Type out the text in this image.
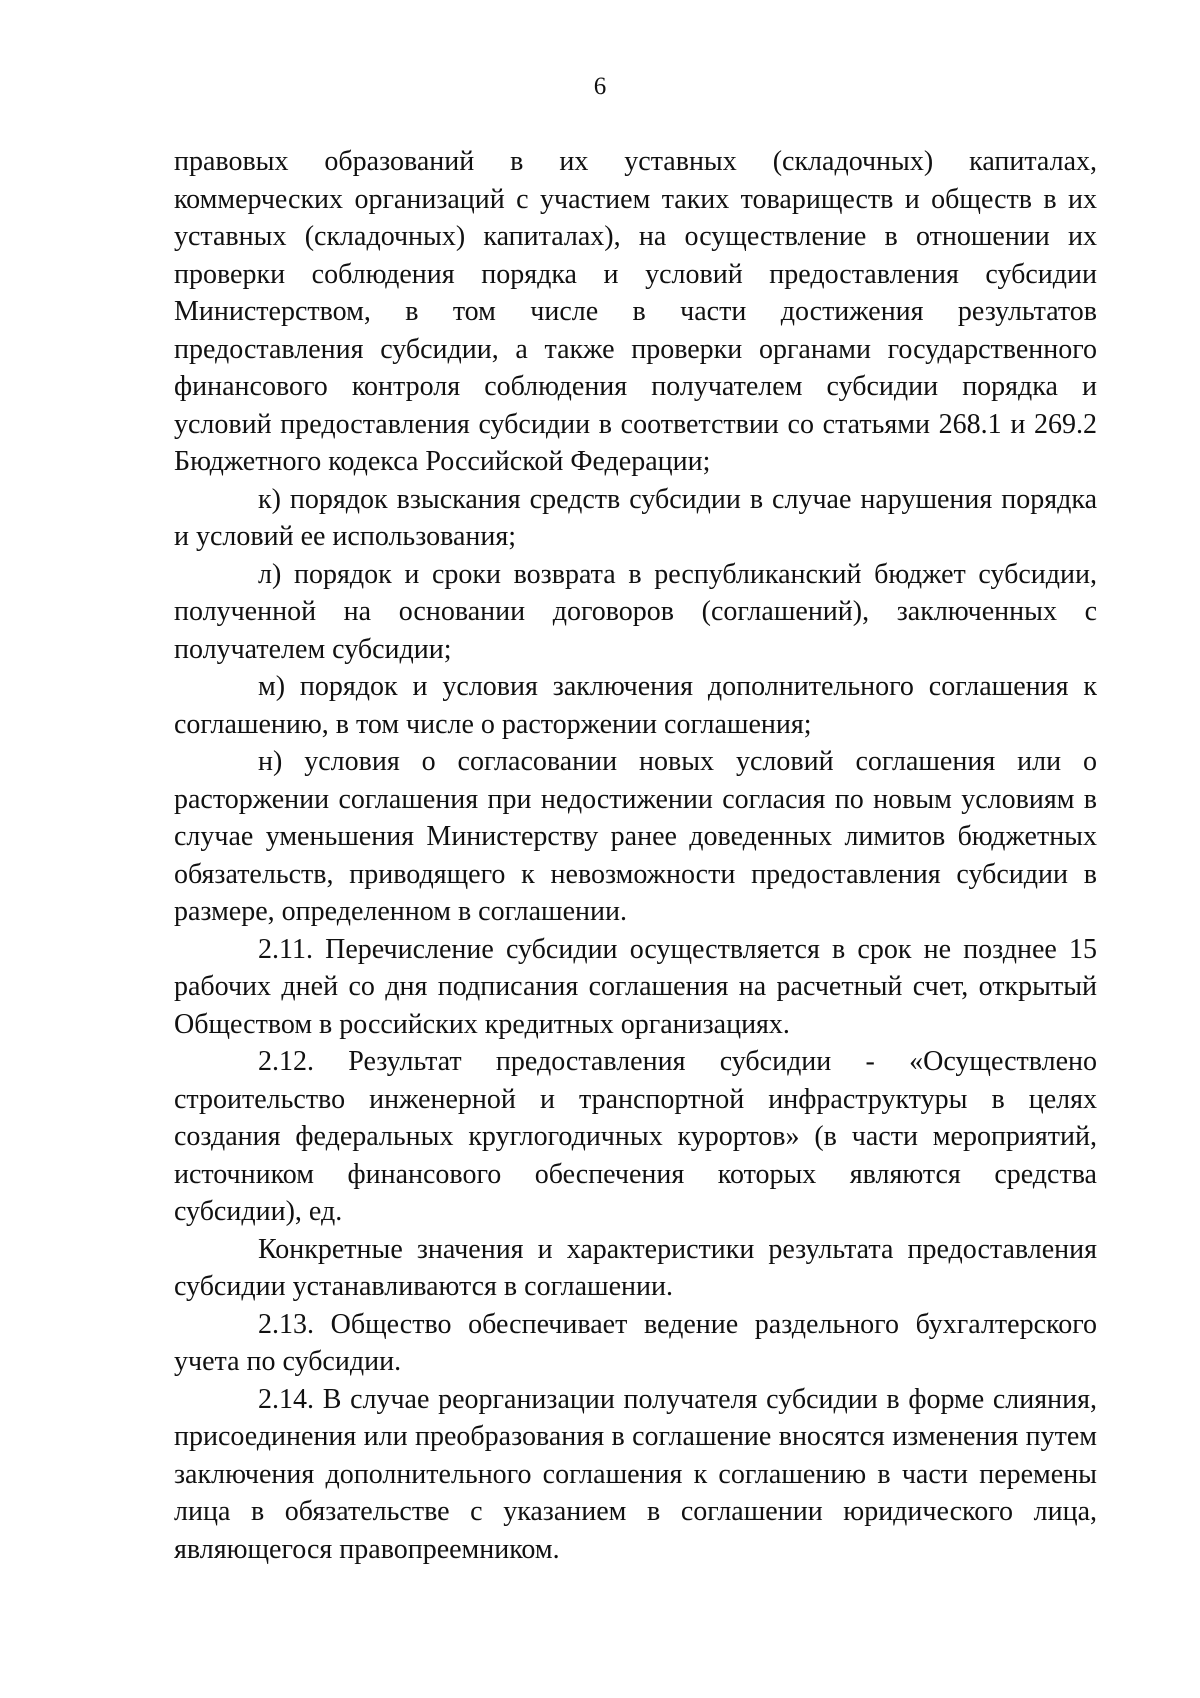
6

правовых образований в их уставных (складочных) капиталах, коммерческих организаций с участием таких товариществ и обществ в их уставных (складочных) капиталах), на осуществление в отношении их проверки соблюдения порядка и условий предоставления субсидии Министерством, в том числе в части достижения результатов предоставления субсидии, а также проверки органами государственного финансового контроля соблюдения получателем субсидии порядка и условий предоставления субсидии в соответствии со статьями 268.1 и 269.2 Бюджетного кодекса Российской Федерации;

к) порядок взыскания средств субсидии в случае нарушения порядка и условий ее использования;

л) порядок и сроки возврата в республиканский бюджет субсидии, полученной на основании договоров (соглашений), заключенных с получателем субсидии;

м) порядок и условия заключения дополнительного соглашения к соглашению, в том числе о расторжении соглашения;

н) условия о согласовании новых условий соглашения или о расторжении соглашения при недостижении согласия по новым условиям в случае уменьшения Министерству ранее доведенных лимитов бюджетных обязательств, приводящего к невозможности предоставления субсидии в размере, определенном в соглашении.

2.11. Перечисление субсидии осуществляется в срок не позднее 15 рабочих дней со дня подписания соглашения на расчетный счет, открытый Обществом в российских кредитных организациях.

2.12. Результат предоставления субсидии - «Осуществлено строительство инженерной и транспортной инфраструктуры в целях создания федеральных круглогодичных курортов» (в части мероприятий, источником финансового обеспечения которых являются средства субсидии), ед.

Конкретные значения и характеристики результата предоставления субсидии устанавливаются в соглашении.

2.13. Общество обеспечивает ведение раздельного бухгалтерского учета по субсидии.

2.14. В случае реорганизации получателя субсидии в форме слияния, присоединения или преобразования в соглашение вносятся изменения путем заключения дополнительного соглашения к соглашению в части перемены лица в обязательстве с указанием в соглашении юридического лица, являющегося правопреемником.
